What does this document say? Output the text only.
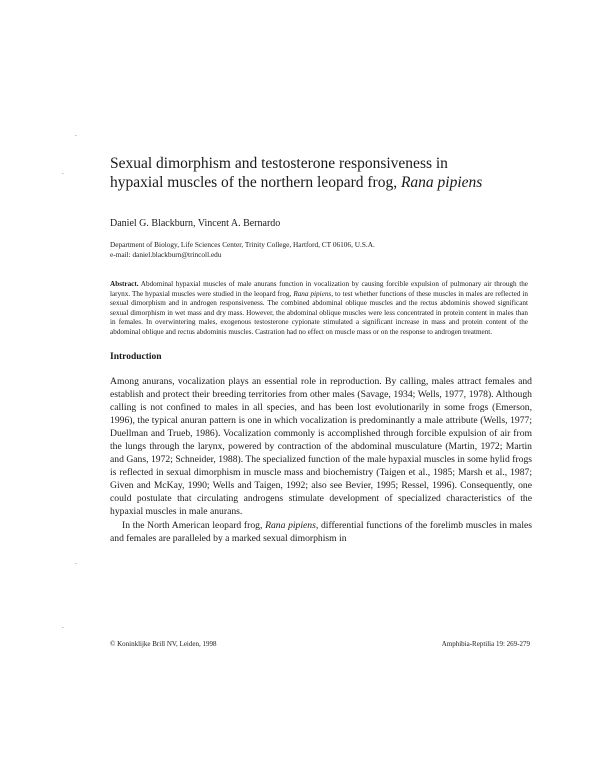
.
.
.
.
Sexual dimorphism and testosterone responsiveness in
hypaxial muscles of the northern leopard frog, Rana pipiens

Daniel G. Blackburn, Vincent A. Bernardo

Department of Biology, Life Sciences Center, Trinity College, Hartford, CT 06106, U.S.A.
e-mail: daniel.blackburn@trincoll.edu

Abstract. Abdominal hypaxial muscles of male anurans function in vocalization by causing forcible expulsion of pulmonary air through the larynx. The hypaxial muscles were studied in the leopard frog, Rana pipiens, to test whether functions of these muscles in males are reflected in sexual dimorphism and in androgen responsiveness. The combined abdominal oblique muscles and the rectus abdominis showed significant sexual dimorphism in wet mass and dry mass. However, the abdominal oblique muscles were less concentrated in protein content in males than in females. In overwintering males, exogenous testosterone cypionate stimulated a significant increase in mass and protein content of the abdominal oblique and rectus abdominis muscles. Castration had no effect on muscle mass or on the response to androgen treatment.

Introduction

Among anurans, vocalization plays an essential role in reproduction. By calling, males attract females and establish and protect their breeding territories from other males (Savage, 1934; Wells, 1977, 1978). Although calling is not confined to males in all species, and has been lost evolutionarily in some frogs (Emerson, 1996), the typical anuran pattern is one in which vocalization is predominantly a male attribute (Wells, 1977; Duellman and Trueb, 1986). Vocalization commonly is accomplished through forcible expulsion of air from the lungs through the larynx, powered by contraction of the abdominal musculature (Martin, 1972; Martin and Gans, 1972; Schneider, 1988). The specialized function of the male hypaxial muscles in some hylid frogs is reflected in sexual dimorphism in muscle mass and biochemistry (Taigen et al., 1985; Marsh et al., 1987; Given and McKay, 1990; Wells and Taigen, 1992; also see Bevier, 1995; Ressel, 1996). Consequently, one could postulate that circulating androgens stimulate development of specialized characteristics of the hypaxial muscles in male anurans.

In the North American leopard frog, Rana pipiens, differential functions of the forelimb muscles in males and females are paralleled by a marked sexual dimorphism in

© Koninklijke Brill NV, Leiden, 1998	Amphibia-Reptilia 19: 269-279
